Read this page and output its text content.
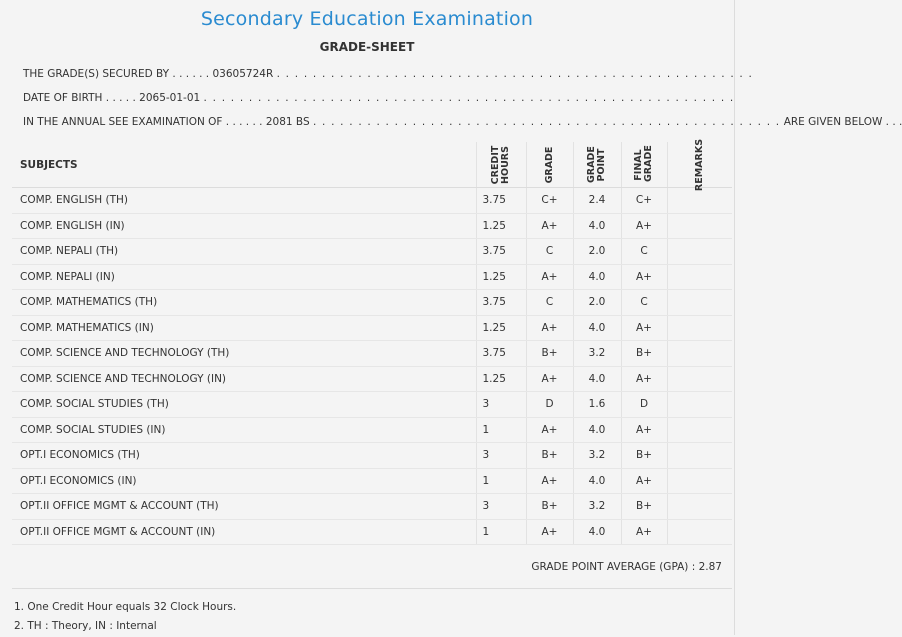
Secondary Education Examination
GRADE-SHEET
THE GRADE(S) SECURED BY . . . . . . 03605724R . . . . . . . . . . . . . . . . . . . . . . . . . . . . . . . . . . . . . . . . . . . . . . . . . . . . .
DATE OF BIRTH . . . . . 2065-01-01 . . . . . . . . . . . . . . . . . . . . . . . . . . . . . . . . . . . . . . . . . . . . . . . . . . . . . . . . . . .
IN THE ANNUAL SEE EXAMINATION OF . . . . . . 2081 BS . . . . . . . . . . . . . . . . . . . . . . . . . . . . . . . . . . . . . . . . . . . . . . . . . . . . ARE GIVEN BELOW . . .
SUBJECTS	CREDIT HOURS	GRADE	GRADE POINT	FINAL GRADE	REMARKS

COMP. ENGLISH (TH)	3.75	C+	2.4	C+	
COMP. ENGLISH (IN)	1.25	A+	4.0	A+	
COMP. NEPALI (TH)	3.75	C	2.0	C	
COMP. NEPALI (IN)	1.25	A+	4.0	A+	
COMP. MATHEMATICS (TH)	3.75	C	2.0	C	
COMP. MATHEMATICS (IN)	1.25	A+	4.0	A+	
COMP. SCIENCE AND TECHNOLOGY (TH)	3.75	B+	3.2	B+	
COMP. SCIENCE AND TECHNOLOGY (IN)	1.25	A+	4.0	A+	
COMP. SOCIAL STUDIES (TH)	3	D	1.6	D	
COMP. SOCIAL STUDIES (IN)	1	A+	4.0	A+	
OPT.I ECONOMICS (TH)	3	B+	3.2	B+	
OPT.I ECONOMICS (IN)	1	A+	4.0	A+	
OPT.II OFFICE MGMT & ACCOUNT (TH)	3	B+	3.2	B+	
OPT.II OFFICE MGMT & ACCOUNT (IN)	1	A+	4.0	A+	
GRADE POINT AVERAGE (GPA) : 2.87
1. One Credit Hour equals 32 Clock Hours.
2. TH : Theory, IN : Internal
